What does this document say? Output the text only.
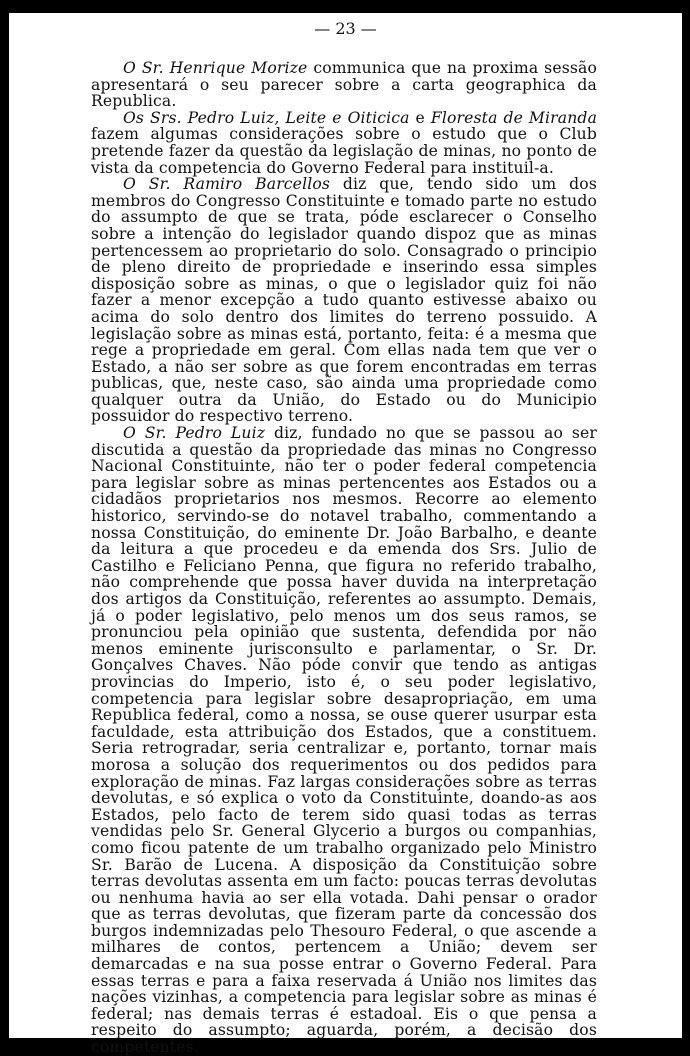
— 23 —

O Sr. Henrique Morize communica que na proxima sessão apresentará o seu parecer sobre a carta geographica da Republica.

Os Srs. Pedro Luiz, Leite e Oiticica e Floresta de Miranda fazem algumas considerações sobre o estudo que o Club pretende fazer da questão da legislação de minas, no ponto de vista da competencia do Governo Federal para instituil-a.

O Sr. Ramiro Barcellos diz que, tendo sido um dos membros do Congresso Constituinte e tomado parte no estudo do assumpto de que se trata, póde esclarecer o Conselho sobre a intenção do legislador quando dispoz que as minas pertencessem ao proprietario do solo. Consagrado o principio de pleno direito de propriedade e inserindo essa simples disposição sobre as minas, o que o legislador quiz foi não fazer a menor excepção a tudo quanto estivesse abaixo ou acima do solo dentro dos limites do terreno possuido. A legislação sobre as minas está, portanto, feita: é a mesma que rege a propriedade em geral. Com ellas nada tem que ver o Estado, a não ser sobre as que forem encontradas em terras publicas, que, neste caso, são ainda uma propriedade como qualquer outra da União, do Estado ou do Municipio possuidor do respectivo terreno.

O Sr. Pedro Luiz diz, fundado no que se passou ao ser discutida a questão da propriedade das minas no Congresso Nacional Constituinte, não ter o poder federal competencia para legislar sobre as minas pertencentes aos Estados ou a cidadãos proprietarios nos mesmos. Recorre ao elemento historico, servindo-se do notavel trabalho, commentando a nossa Constituição, do eminente Dr. João Barbalho, e deante da leitura a que procedeu e da emenda dos Srs. Julio de Castilho e Feliciano Penna, que figura no referido trabalho, não comprehende que possa haver duvida na interpretação dos artigos da Constituição, referentes ao assumpto. Demais, já o poder legislativo, pelo menos um dos seus ramos, se pronunciou pela opinião que sustenta, defendida por não menos eminente jurisconsulto e parlamentar, o Sr. Dr. Gonçalves Chaves. Não póde convir que tendo as antigas provincias do Imperio, isto é, o seu poder legislativo, competencia para legislar sobre desapropriação, em uma Republica federal, como a nossa, se ouse querer usurpar esta faculdade, esta attribuição dos Estados, que a constituem. Seria retrogradar, seria centralizar e, portanto, tornar mais morosa a solução dos requerimentos ou dos pedidos para exploração de minas. Faz largas considerações sobre as terras devolutas, e só explica o voto da Constituinte, doando-as aos Estados, pelo facto de terem sido quasi todas as terras vendidas pelo Sr. General Glycerio a burgos ou companhias, como ficou patente de um trabalho organizado pelo Ministro Sr. Barão de Lucena. A disposição da Constituição sobre terras devolutas assenta em um facto: poucas terras devolutas ou nenhuma havia ao ser ella votada. Dahi pensar o orador que as terras devolutas, que fizeram parte da concessão dos burgos indemnizadas pelo Thesouro Federal, o que ascende a milhares de contos, pertencem a União; devem ser demarcadas e na sua posse entrar o Governo Federal. Para essas terras e para a faixa reservada á União nos limites das nações vizinhas, a competencia para legislar sobre as minas é federal; nas demais terras é estadoal. Eis o que pensa a respeito do assumpto; aguarda, porém, a decisão dos competentes.
